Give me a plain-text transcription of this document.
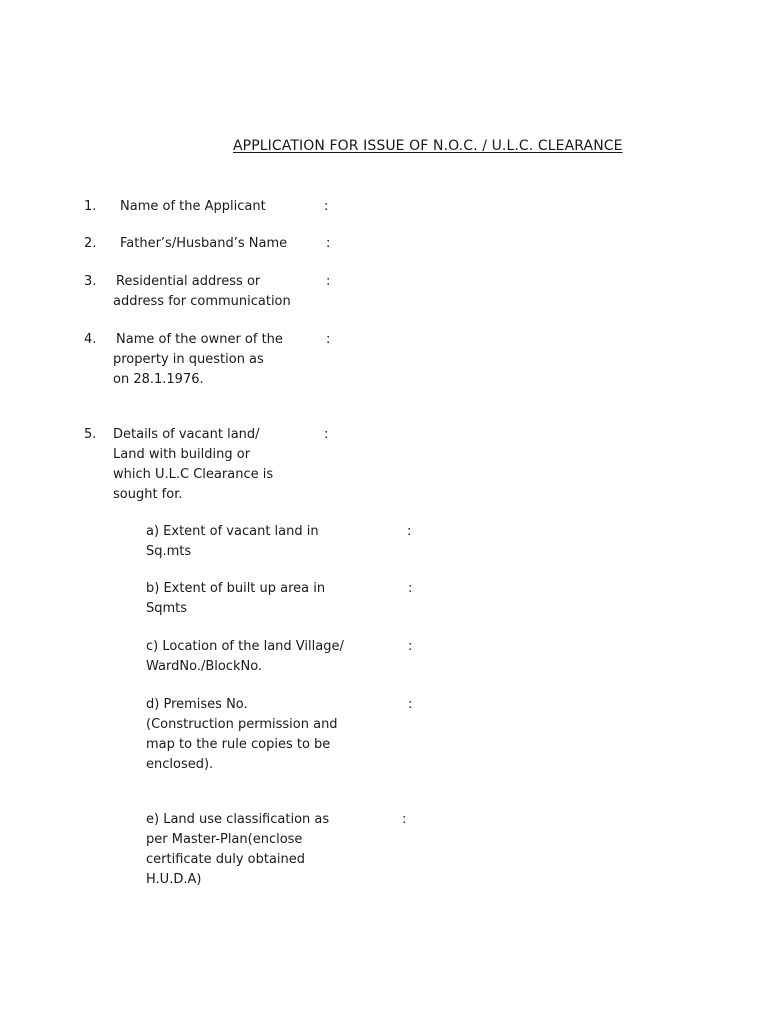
APPLICATION FOR ISSUE OF N.O.C. / U.L.C. CLEARANCE
1. Name of the Applicant	:
2. Father’s/Husband’s Name	:
3. Residential address or
address for communication
:
4. Name of the owner of the
property in question as
on 28.1.1976.
:
5. Details of vacant land/
Land with building or
which U.L.C Clearance is
sought for.
:
a) Extent of vacant land in
Sq.mts
:
b) Extent of built up area in
Sqmts
:
c) Location of the land Village/
WardNo./BlockNo.
:
d) Premises No.
(Construction permission and
map to the rule copies to be
enclosed).
:
e) Land use classification as
per Master-Plan(enclose
certificate duly obtained
H.U.D.A)
:
